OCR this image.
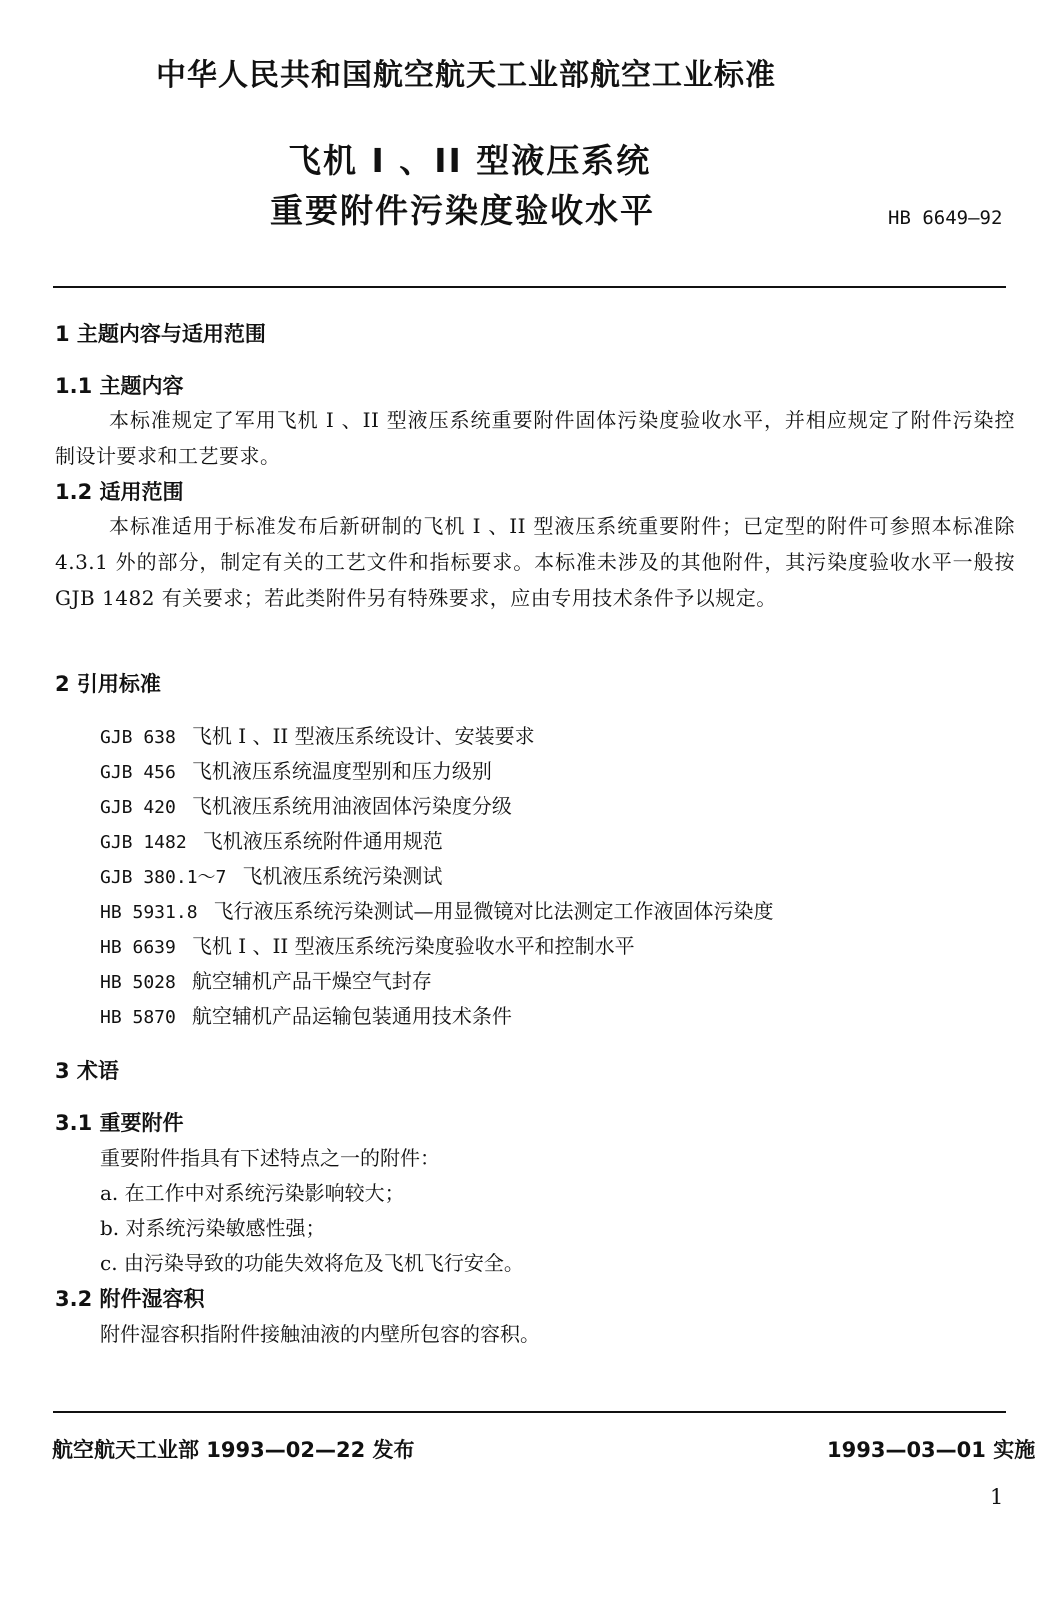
中华人民共和国航空航天工业部航空工业标准
飞机 I 、II 型液压系统
重要附件污染度验收水平	HB 6649—92
1 主题内容与适用范围
1.1 主题内容
本标准规定了军用飞机 I 、II 型液压系统重要附件固体污染度验收水平，并相应规定了附件污染控制设计要求和工艺要求。
1.2 适用范围
本标准适用于标准发布后新研制的飞机 I 、II 型液压系统重要附件；已定型的附件可参照本标准除 4.3.1 外的部分，制定有关的工艺文件和指标要求。本标准未涉及的其他附件，其污染度验收水平一般按 GJB 1482 有关要求；若此类附件另有特殊要求，应由专用技术条件予以规定。
2 引用标准
GJB 638 飞机 I 、II 型液压系统设计、安装要求
GJB 456 飞机液压系统温度型别和压力级别
GJB 420 飞机液压系统用油液固体污染度分级
GJB 1482 飞机液压系统附件通用规范
GJB 380.1～7 飞机液压系统污染测试
HB 5931.8 飞行液压系统污染测试—用显微镜对比法测定工作液固体污染度
HB 6639 飞机 I 、II 型液压系统污染度验收水平和控制水平
HB 5028 航空辅机产品干燥空气封存
HB 5870 航空辅机产品运输包装通用技术条件
3 术语
3.1 重要附件
重要附件指具有下述特点之一的附件：
a. 在工作中对系统污染影响较大；
b. 对系统污染敏感性强；
c. 由污染导致的功能失效将危及飞机飞行安全。
3.2 附件湿容积
附件湿容积指附件接触油液的内壁所包容的容积。
航空航天工业部 1993—02—22 发布	1993—03—01 实施
1
